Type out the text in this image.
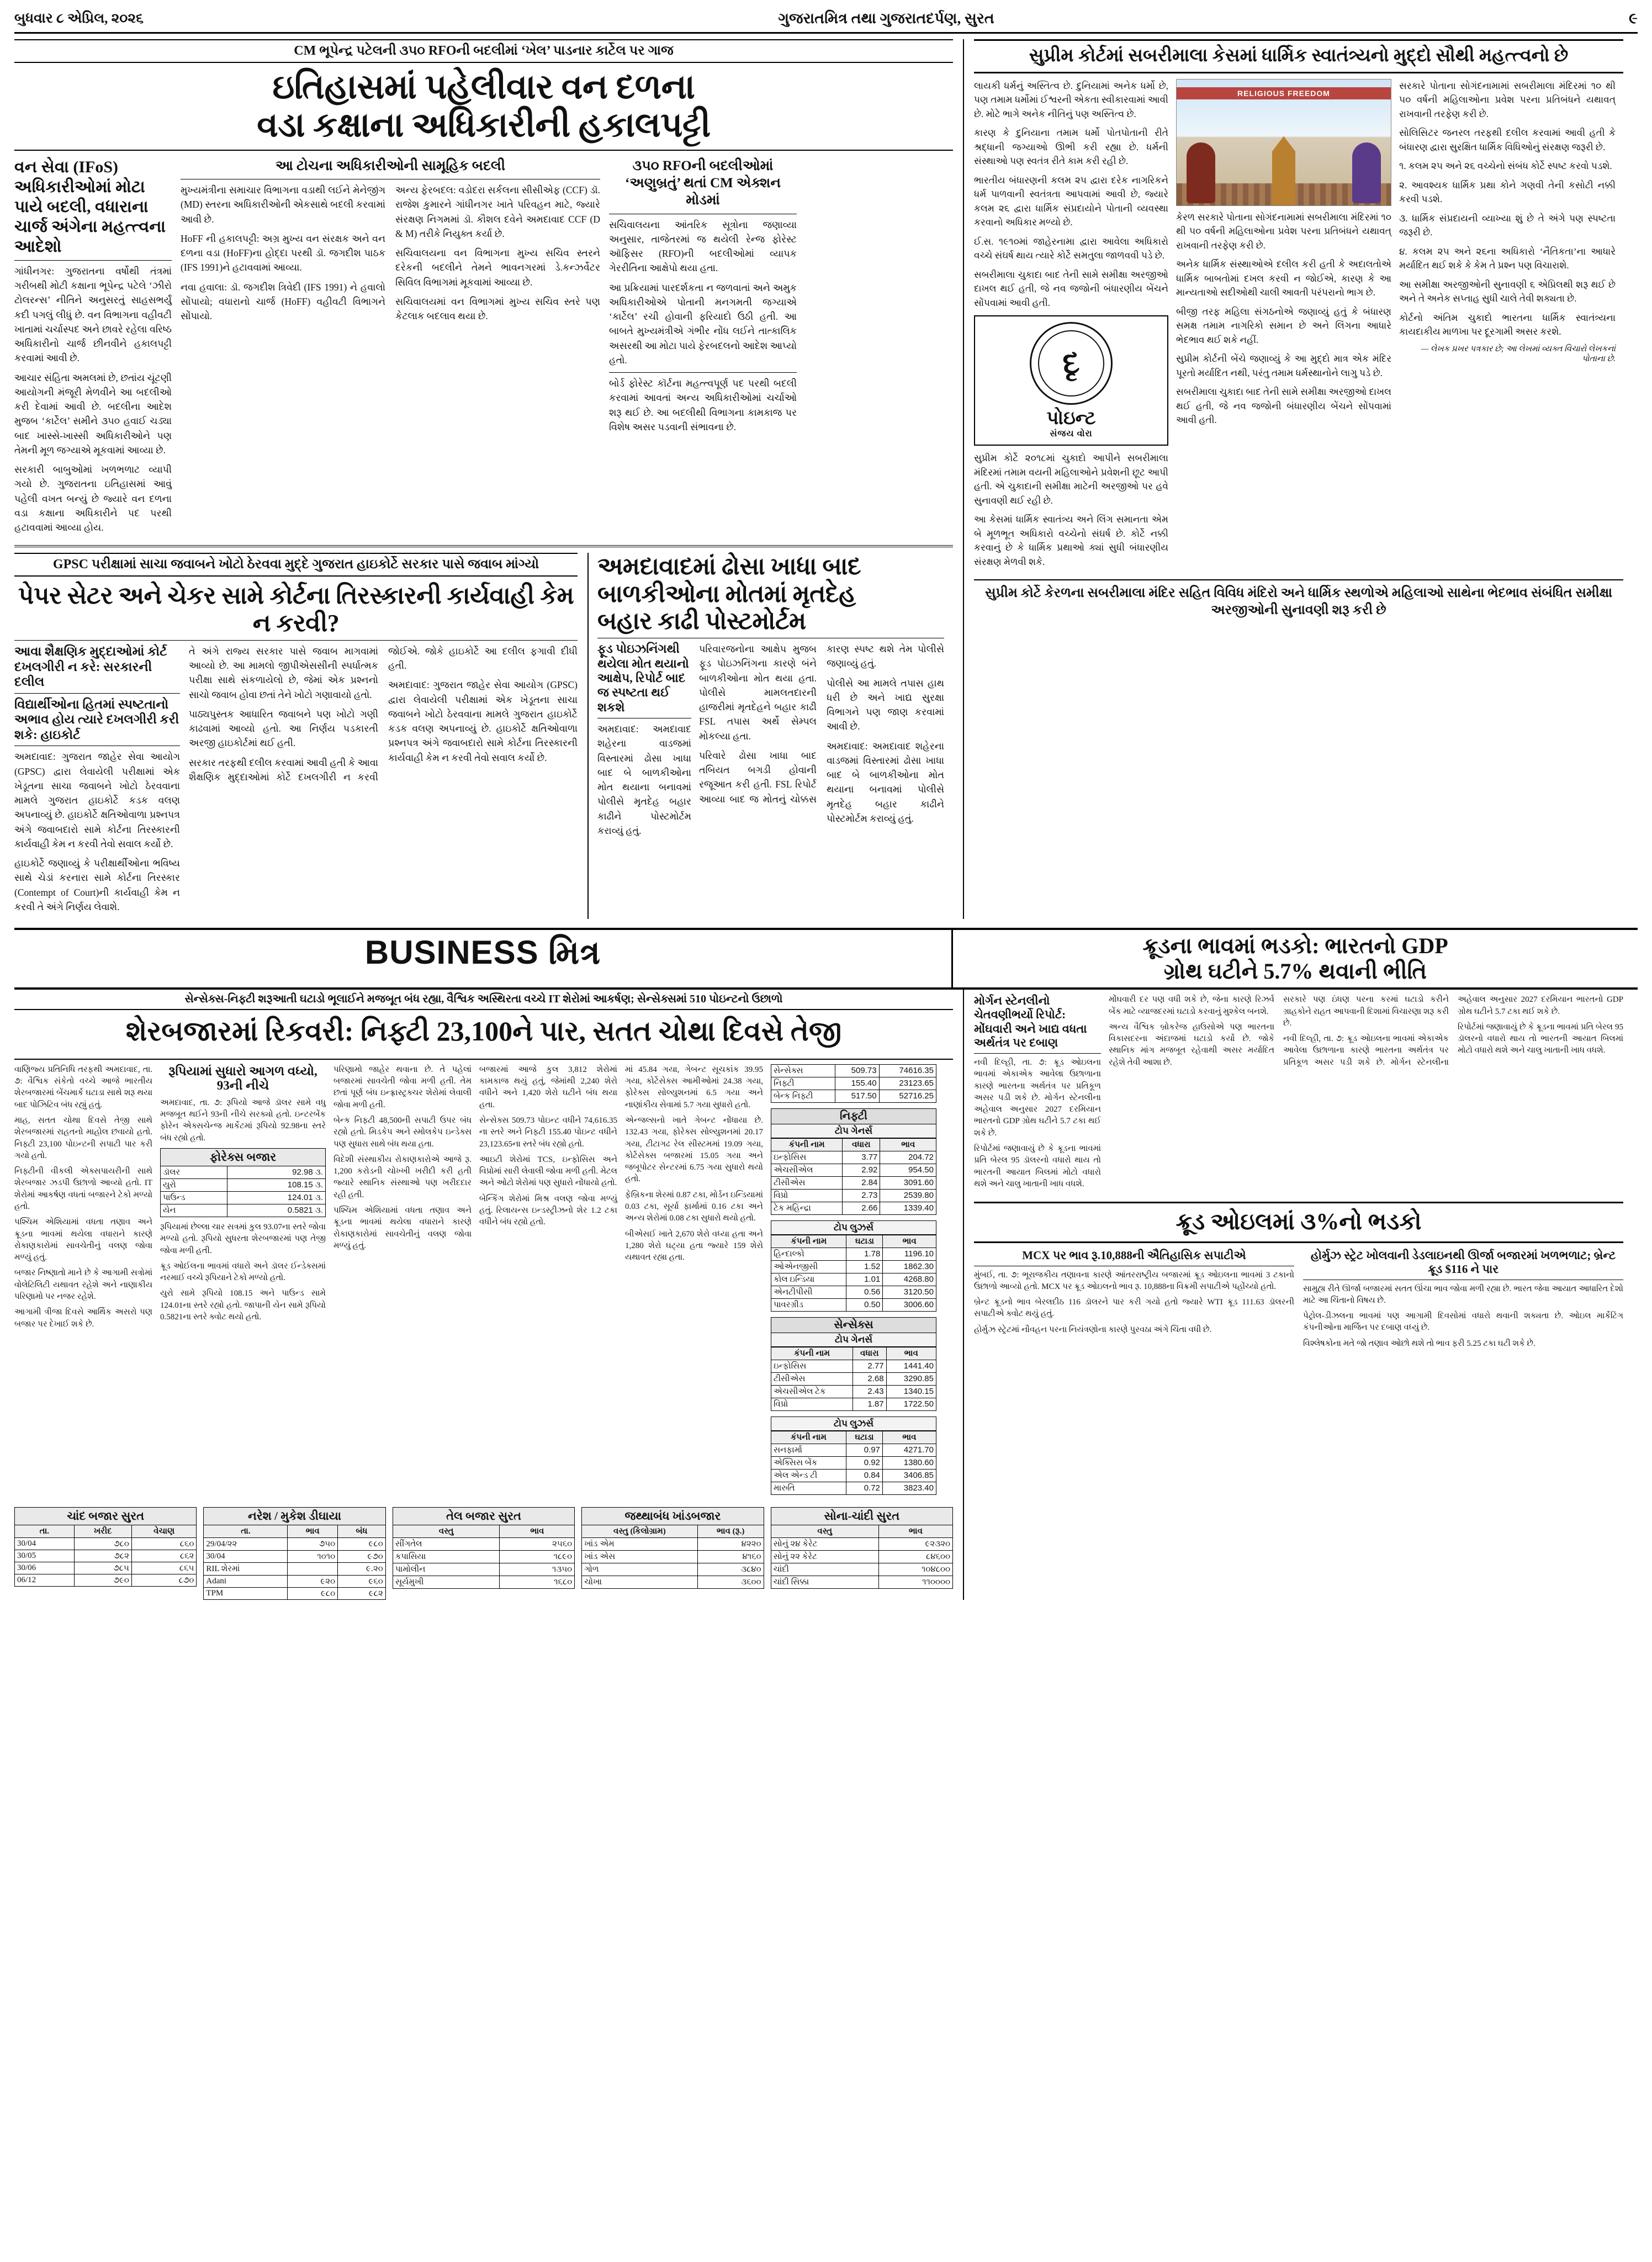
બુધવાર ૮ એપ્રિલ, ૨૦૨૬	ગુજરાતમિત્ર તથા ગુજરાતદર્પણ, સુરત	૯
CM ભૂપેન્દ્ર પટેલની ૩૫૦ RFOની બદલીમાં ‘ખેલ’ પાડનાર કાર્ટેલ પર ગાજ
ઇતિહાસમાં પહેલીવાર વન દળના
વડા કક્ષાના અધિકારીની હકાલપટ્ટી
વન સેવા (IFoS) અધિકારીઓમાં મોટા પાયે બદલી, વધારાના ચાર્જ અંગેના મહત્ત્વના આદેશો

ગાંધીનગર: ગુજરાતના વર્ષોથી તંત્રમાં ગરીબથી મોટી કક્ષાના ભૂપેન્દ્ર પટેલે ‘ઝીરો ટોલરન્સ’ નીતિને અનુસરતું સાહસભર્યું કદી પગલું લીધું છે. વન વિભાગના વહીવટી ખાતામાં ચર્ચાસ્પદ અને છાવરે રહેલા વરિષ્ઠ અધિકારીનો ચાર્જ છીનવીને હકાલપટ્ટી કરવામાં આવી છે.

આચાર સંહિતા અમલમાં છે, છતાંય ચૂંટણી આયોગની મંજૂરી મેળવીને આ બદલીઓ કરી દેવામાં આવી છે. બદલીના આદેશ મુજબ ‘કાર્ટેલ’ સમીને ૩૫૦ હવાઈ ચડ્યા બાદ ખાસ્સે-ખાસ્સી અધિકારીઓને પણ તેમની મૂળ જગ્યાએ મૂકવામાં આવ્યા છે.

સરકારી બાબુઓમાં ખળભળાટ વ્યાપી ગયો છે. ગુજરાતના ઇતિહાસમાં આવું પહેલી વખત બન્યું છે જ્યારે વન દળના વડા કક્ષાના અધિકારીને પદ પરથી હટાવવામાં આવ્યા હોય.

આ ટોચના અધિકારીઓની સામૂહિક બદલી

મુખ્યમંત્રીના સમાચાર વિભાગના વડાથી લઈને મેનેજીંગ (MD) સ્તરના અધિકારીઓની એકસાથે બદલી કરવામાં આવી છે.

HoFF ની હકાલપટ્ટી: અગ્ર મુખ્ય વન સંરક્ષક અને વન દળના વડા (HoFF)ના હોદ્દા પરથી ડૉ. જગદીશ પાઠક (IFS 1991)ને હટાવવામાં આવ્યા.

નવા હવાલા: ડૉ. જગદીશ ત્રિવેદી (IFS 1991) ને હવાલો સોંપાયો; વધારાનો ચાર્જ (HoFF) વહીવટી વિભાગને સોંપાયો.

અન્ય ફેરબદલ: વડોદરા સર્કલના સીસીએફ (CCF) ડૉ. રાજેશ કુમારને ગાંધીનગર ખાતે પરિવહન માટે, જ્યારે સંરક્ષણ નિગમમાં ડૉ. કૌશલ દવેને અમદાવાદ CCF (D & M) તરીકે નિયુક્ત કર્યા છે.

સચિવાલયના વન વિભાગના મુખ્ય સચિવ સ્તરને દરેકની બદલીને તેમને ભાવનગરમાં ડે.કન્ઝર્વેટર સિવિલ વિભાગમાં મૂકવામાં આવ્યા છે.

સચિવાલયમાં વન વિભાગમાં મુખ્ય સચિવ સ્તરે પણ કેટલાક બદલાવ થયા છે.

૩૫૦ RFOની બદલીઓમાં ‘અણુબ્રતું’ થતાં CM એક્શન મોડમાં

સચિવાલયના આંતરિક સૂત્રોના જણાવ્યા અનુસાર, તાજેતરમાં જ થયેલી રેન્જ ફોરેસ્ટ ઑફિસર (RFO)ની બદલીઓમાં વ્યાપક ગેરરીતિના આક્ષેપો થયા હતા.

આ પ્રક્રિયામાં પારદર્શકતા ન જળવાતાં અને અમુક અધિકારીઓએ પોતાની મનગમતી જગ્યાએ ‘કાર્ટેલ’ રચી હોવાની ફરિયાદો ઉઠી હતી. આ બાબતે મુખ્યમંત્રીએ ગંભીર નોંધ લઈને તાત્કાલિક અસરથી આ મોટા પાયે ફેરબદલનો આદેશ આપ્યો હતો.

બોર્ડ ફોરેસ્ટ કૉર્ટના મહત્ત્વપૂર્ણ પદ પરથી બદલી કરવામાં આવતાં અન્ય અધિકારીઓમાં ચર્ચાઓ શરૂ થઈ છે. આ બદલીથી વિભાગના કામકાજ પર વિશેષ અસર પડવાની સંભાવના છે.

GPSC પરીક્ષામાં સાચા જવાબને ખોટો ઠેરવવા મુદ્દે ગુજરાત હાઇકોર્ટે સરકાર પાસે જવાબ માંગ્યો
પેપર સેટર અને ચેકર સામે કોર્ટના તિરસ્કારની કાર્યવાહી કેમ ન કરવી?
આવા શૈક્ષણિક મુદ્દાઓમાં કોર્ટ દખલગીરી ન કરે: સરકારની દલીલ
વિદ્યાર્થીઓના હિતમાં સ્પષ્ટતાનો અભાવ હોય ત્યારે દખલગીરી કરી શકે: હાઇકોર્ટ

અમદાવાદ: ગુજરાત જાહેર સેવા આયોગ (GPSC) દ્વારા લેવાયેલી પરીક્ષામાં એક ખેડૂતના સાચા જવાબને ખોટો ઠેરવવાના મામલે ગુજરાત હાઇકોર્ટે કડક વલણ અપનાવ્યું છે. હાઇકોર્ટે ક્ષતિઓવાળા પ્રશ્નપત્ર અંગે જવાબદારો સામે કોર્ટના તિરસ્કારની કાર્યવાહી કેમ ન કરવી તેવો સવાલ કર્યો છે.

હાઇકોર્ટે જણાવ્યું કે પરીક્ષાર્થીઓના ભવિષ્ય સાથે ચેડાં કરનારા સામે કોર્ટના તિરસ્કાર (Contempt of Court)ની કાર્યવાહી કેમ ન કરવી તે અંગે નિર્ણય લેવાશે.

તે અંગે રાજ્ય સરકાર પાસે જવાબ માગવામાં આવ્યો છે. આ મામલો જીપીએસસીની સ્પર્ધાત્મક પરીક્ષા સાથે સંકળાયેલો છે, જેમાં એક પ્રશ્નનો સાચો જવાબ હોવા છતાં તેને ખોટો ગણાવાયો હતો.

પાઠ્યપુસ્તક આધારિત જવાબને પણ ખોટો ગણી કાઢવામાં આવ્યો હતો. આ નિર્ણય પડકારતી અરજી હાઇકોર્ટમાં થઈ હતી.

સરકાર તરફથી દલીલ કરવામાં આવી હતી કે આવા શૈક્ષણિક મુદ્દાઓમાં કોર્ટે દખલગીરી ન કરવી જોઈએ. જોકે હાઇકોર્ટે આ દલીલ ફગાવી દીધી હતી.

અમદાવાદ: ગુજરાત જાહેર સેવા આયોગ (GPSC) દ્વારા લેવાયેલી પરીક્ષામાં એક ખેડૂતના સાચા જવાબને ખોટો ઠેરવવાના મામલે ગુજરાત હાઇકોર્ટે કડક વલણ અપનાવ્યું છે. હાઇકોર્ટે ક્ષતિઓવાળા પ્રશ્નપત્ર અંગે જવાબદારો સામે કોર્ટના તિરસ્કારની કાર્યવાહી કેમ ન કરવી તેવો સવાલ કર્યો છે.

અમદાવાદમાં ઢોસા ખાધા બાદ
બાળકીઓના મોતમાં મૃતદેહ
બહાર કાઢી પોસ્ટમોર્ટમ
ફૂડ પોઇઝનિંગથી થયેલા મોત થયાનો આક્ષેપ, રિપોર્ટ બાદ જ સ્પષ્ટતા થઈ શકશે

અમદાવાદ: અમદાવાદ શહેરના વાડજમાં વિસ્તારમાં ઢોસા ખાધા બાદ બે બાળકીઓના મોત થયાના બનાવમાં પોલીસે મૃતદેહ બહાર કાઢીને પોસ્ટમોર્ટમ કરાવ્યું હતું.

પરિવારજનોના આક્ષેપ મુજબ ફૂડ પોઇઝનિંગના કારણે બંને બાળકીઓના મોત થયા હતા. પોલીસે મામલતદારની હાજરીમાં મૃતદેહને બહાર કાઢી FSL તપાસ અર્થે સેમ્પલ મોકલ્યા હતા.

પરિવારે ઢોસા ખાધા બાદ તબિયત બગડી હોવાની રજૂઆત કરી હતી. FSL રિપોર્ટ આવ્યા બાદ જ મોતનું ચોક્કસ કારણ સ્પષ્ટ થશે તેમ પોલીસે જણાવ્યું હતું.

પોલીસે આ મામલે તપાસ હાથ ધરી છે અને ખાદ્ય સુરક્ષા વિભાગને પણ જાણ કરવામાં આવી છે.

અમદાવાદ: અમદાવાદ શહેરના વાડજમાં વિસ્તારમાં ઢોસા ખાધા બાદ બે બાળકીઓના મોત થયાના બનાવમાં પોલીસે મૃતદેહ બહાર કાઢીને પોસ્ટમોર્ટમ કરાવ્યું હતું.

સુપ્રીમ કોર્ટમાં સબરીમાલા કેસમાં ધાર્મિક સ્વાતંત્ર્યનો મુદ્દો સૌથી મહત્ત્વનો છે

લાયકી ધર્મનું અસ્તિત્વ છે. દુનિયામાં અનેક ધર્મો છે, પણ તમામ ધર્મોમાં ઈશ્વરની એકતા સ્વીકારવામાં આવી છે. મોટે ભાગે અનેક નીતિનું પણ અસ્તિત્વ છે.

કારણ કે દુનિયાના તમામ ધર્મો પોતપોતાની રીતે શ્રદ્ધાની જગ્યાઓ ઊભી કરી રહ્યા છે. ધર્મની સંસ્થાઓ પણ સ્વતંત્ર રીતે કામ કરી રહી છે.

ભારતીય બંધારણની કલમ ૨૫ દ્વારા દરેક નાગરિકને ધર્મ પાળવાની સ્વતંત્રતા આપવામાં આવી છે, જ્યારે કલમ ૨૬ દ્વારા ધાર્મિક સંપ્રદાયોને પોતાની વ્યવસ્થા કરવાનો અધિકાર મળ્યો છે.

ઈ.સ. ૧૯૧૦માં જાહેરનામા દ્વારા આવેલા અધિકારો વચ્ચે સંઘર્ષ થાય ત્યારે કોર્ટે સમતુલા જાળવવી પડે છે.

સબરીમાલા ચુકાદા બાદ તેની સામે સમીક્ષા અરજીઓ દાખલ થઈ હતી, જે નવ જજોની બંધારણીય બેંચને સોંપવામાં આવી હતી.

દૃ
પોઇન્ટ
સંજય વોરા

સુપ્રીમ કોર્ટે ૨૦૧૮માં ચુકાદો આપીને સબરીમાલા મંદિરમાં તમામ વયની મહિલાઓને પ્રવેશની છૂટ આપી હતી. એ ચુકાદાની સમીક્ષા માટેની અરજીઓ પર હવે સુનાવણી થઈ રહી છે.

આ કેસમાં ધાર્મિક સ્વાતંત્ર્ય અને લિંગ સમાનતા એમ બે મૂળભૂત અધિકારો વચ્ચેનો સંઘર્ષ છે. કોર્ટે નક્કી કરવાનું છે કે ધાર્મિક પ્રથાઓ ક્યાં સુધી બંધારણીય સંરક્ષણ મેળવી શકે.

RELIGIOUS FREEDOM

કેરળ સરકારે પોતાના સોગંદનામામાં સબરીમાલા મંદિરમાં ૧૦ થી ૫૦ વર્ષની મહિલાઓના પ્રવેશ પરના પ્રતિબંધને યથાવત્ રાખવાની તરફેણ કરી છે.

અનેક ધાર્મિક સંસ્થાઓએ દલીલ કરી હતી કે અદાલતોએ ધાર્મિક બાબતોમાં દખલ કરવી ન જોઈએ, કારણ કે આ માન્યતાઓ સદીઓથી ચાલી આવતી પરંપરાનો ભાગ છે.

બીજી તરફ મહિલા સંગઠનોએ જણાવ્યું હતું કે બંધારણ સમક્ષ તમામ નાગરિકો સમાન છે અને લિંગના આધારે ભેદભાવ થઈ શકે નહીં.

સુપ્રીમ કોર્ટની બેંચે જણાવ્યું કે આ મુદ્દો માત્ર એક મંદિર પૂરતો મર્યાદિત નથી, પરંતુ તમામ ધર્મસ્થાનોને લાગુ પડે છે.

સબરીમાલા ચુકાદા બાદ તેની સામે સમીક્ષા અરજીઓ દાખલ થઈ હતી, જે નવ જજોની બંધારણીય બેંચને સોંપવામાં આવી હતી.

સરકારે પોતાના સોગંદનામામાં સબરીમાલા મંદિરમાં ૧૦ થી ૫૦ વર્ષની મહિલાઓના પ્રવેશ પરના પ્રતિબંધને યથાવત્ રાખવાની તરફેણ કરી છે.

સોલિસિટર જનરલ તરફથી દલીલ કરવામાં આવી હતી કે બંધારણ દ્વારા સુરક્ષિત ધાર્મિક વિધિઓનું સંરક્ષણ જરૂરી છે.

૧. કલમ ૨૫ અને ૨૬ વચ્ચેનો સંબંધ કોર્ટે સ્પષ્ટ કરવો પડશે.

૨. આવશ્યક ધાર્મિક પ્રથા કોને ગણવી તેની કસોટી નક્કી કરવી પડશે.

૩. ધાર્મિક સંપ્રદાયની વ્યાખ્યા શું છે તે અંગે પણ સ્પષ્ટતા જરૂરી છે.

૪. કલમ ૨૫ અને ૨૬ના અધિકારો ‘નૈતિકતા’ના આધારે મર્યાદિત થઈ શકે કે કેમ તે પ્રશ્ન પણ વિચારાશે.

આ સમીક્ષા અરજીઓની સુનાવણી ૬ એપ્રિલથી શરૂ થઈ છે અને તે અનેક સપ્તાહ સુધી ચાલે તેવી શક્યતા છે.

કોર્ટનો અંતિમ ચુકાદો ભારતના ધાર્મિક સ્વાતંત્ર્યના કાયદાકીય માળખા પર દૂરગામી અસર કરશે.

— લેખક પ્રખર પત્રકાર છે; આ લેખમાં વ્યક્ત વિચારો લેખકનાં પોતાના છે.
સુપ્રીમ કોર્ટે કેરળના સબરીમાલા મંદિર સહિત વિવિધ મંદિરો અને ધાર્મિક સ્થળોએ મહિલાઓ સાથેના ભેદભાવ સંબંધિત સમીક્ષા અરજીઓની સુનાવણી શરૂ કરી છે
BUSINESS મિત્ર	ક્રૂડના ભાવમાં ભડકો: ભારતનો GDP
ગ્રોથ ઘટીને 5.7% થવાની ભીતિ
સેન્સેક્સ-નિફ્ટી શરૂઆતી ઘટાડો ભૂલાઈને મજબૂત બંધ રહ્યા, વૈશ્વિક અસ્થિરતા વચ્ચે IT શેરોમાં આકર્ષણ; સેન્સેક્સમાં 510 પોઇન્ટનો ઉછાળો
શેરબજારમાં રિકવરી: નિફ્ટી 23,100ને પાર, સતત ચોથા દિવસે તેજી

વાણિજ્ય પ્રતિનિધિ તરફથી અમદાવાદ, તા. ૭: વૈશ્વિક સંકેતો વચ્ચે આજે ભારતીય શેરબજારમાં બેંચમાર્ક ઘટાડા સાથે શરૂ થયા બાદ પોઝિટિવ બંધ રહ્યું હતું.

માહ, સતત ચોથા દિવસે તેજી સાથે શેરબજારમાં રાહતનો માહોલ છવાયો હતો. નિફ્ટી 23,100 પોઇન્ટની સપાટી પાર કરી ગયો હતો.

નિફ્ટીની વીકલી એક્સપાયરીની સાથે શેરબજાર ઝડપી ઉછાળો આવ્યો હતો. IT શેરોમાં આકર્ષણ વધતાં બજારને ટેકો મળ્યો હતો.

પશ્ચિમ એશિયામાં વધતા તણાવ અને ક્રૂડના ભાવમાં થયેલા વધારાને કારણે રોકાણકારોમાં સાવચેતીનું વલણ જોવા મળ્યું હતું.

બજાર નિષ્ણાતો માને છે કે આગામી સત્રોમાં વોલેટિલિટી યથાવત રહેશે અને નાણાકીય પરિણામો પર નજર રહેશે.

આગામી ત્રીજા દિવસે આર્થિક અસરો પણ બજાર પર દેખાઈ શકે છે.

રૂપિયામાં સુધારો આગળ વધ્યો, 93ની નીચે

અમદાવાદ, તા. ૭: રૂપિયો આજે ડૉલર સામે વધુ મજબૂત થઈને 93ની નીચે સરક્યો હતો. ઇન્ટરબેંક ફોરેન એક્સચેન્જ માર્કેટમાં રૂપિયો 92.98ના સ્તરે બંધ રહ્યો હતો.

ફોરેક્સ બજાર
ડૉલર	92.98 ૩.
યુરો	108.15 ૩.
પાઉન્ડ	124.01 ૩.
યેન	0.5821 ૩.

રૂપિયામાં છેલ્લા ચાર સત્રમાં કુલ 93.07ના સ્તરે જોવા મળ્યો હતો. રૂપિયો સુધરતા શેરબજારમાં પણ તેજી જોવા મળી હતી.

ક્રૂડ ઓઈલના ભાવમાં વધારો અને ડૉલર ઈન્ડેક્સમાં નરમાઈ વચ્ચે રૂપિયાને ટેકો મળ્યો હતો.

યુરો સામે રૂપિયો 108.15 અને પાઉન્ડ સામે 124.01ના સ્તરે રહ્યો હતો. જાપાની યેન સામે રૂપિયો 0.5821ના સ્તરે ક્વોટ થયો હતો.

પરિણામો જાહેર થવાના છે. તે પહેલાં બજારમાં સાવચેતી જોવા મળી હતી. તેમ છતાં પૂર્ણ બંધ ઇન્ફ્રાસ્ટ્રક્ચર શેરોમાં લેવાલી જોવા મળી હતી.

બેન્ક નિફ્ટી 48,500ની સપાટી ઉપર બંધ રહ્યો હતો. મિડકેપ અને સ્મોલકેપ ઇન્ડેક્સ પણ સુધારા સાથે બંધ થયા હતા.

વિદેશી સંસ્થાકીય રોકાણકારોએ આજે રૂ. 1,200 કરોડની ચોખ્ખી ખરીદી કરી હતી જ્યારે સ્થાનિક સંસ્થાઓ પણ ખરીદદાર રહી હતી.

પશ્ચિમ એશિયામાં વધતા તણાવ અને ક્રૂડના ભાવમાં થયેલા વધારાને કારણે રોકાણકારોમાં સાવચેતીનું વલણ જોવા મળ્યું હતું.

બજારમાં આજે કુલ 3,812 શેરોમાં કામકાજ થયું હતું, જેમાંથી 2,240 શેરો વધીને અને 1,420 શેરો ઘટીને બંધ થયા હતા.

સેન્સેક્સ 509.73 પોઇન્ટ વધીને 74,616.35 ના સ્તરે અને નિફ્ટી 155.40 પોઇન્ટ વધીને 23,123.65ના સ્તરે બંધ રહ્યો હતો.

આઇટી શેરોમાં TCS, ઇન્ફોસિસ અને વિપ્રોમાં સારી લેવાલી જોવા મળી હતી. મેટલ અને ઓટો શેરોમાં પણ સુધારો નોંધાયો હતો.

બેન્કિંગ શેરોમાં મિશ્ર વલણ જોવા મળ્યું હતું. રિલાયન્સ ઇન્ડસ્ટ્રીઝનો શેર 1.2 ટકા વધીને બંધ રહ્યો હતો.

માં 45.84 ગયા, ગેબન્ટ સૂચકાંક 39.95 ગયા, કોર્ટેસેક્સ આમીઓમાં 24.38 ગયા, ફોરેક્સ સોલ્યુશનમાં 6.5 ગયા અને નાણાંકીય સેવામાં 5.7 ગયા સુધારો હતો.

એન્જલ્સનો ખાતે ગેબન્ટ નોંધાયા છે. 132.43 ગયા, ફોરેક્સ સોલ્યુશનમાં 20.17 ગયા, ટીટાગઢ રેલ સીસ્ટમમાં 19.09 ગયા, કોર્ટેસેક્સ બજારમાં 15.05 ગયા અને જબૂપોટર સેન્ટરમાં 6.75 ગયા સુધારો થયો હતો.

ફેબ્રિકના શેરમાં 0.87 ટકા, મોર્ડન ઇન્ડિયામાં 0.03 ટકા, સૂર્યા ફાર્મામાં 0.16 ટકા અને અન્ય શેરોમાં 0.08 ટકા સુધારો થયો હતો.

બીએસઈ ખાતે 2,670 શેરો વધ્યા હતા અને 1,280 શેરો ઘટ્યા હતા જ્યારે 159 શેરો યથાવત રહ્યા હતા.

સેન્સેક્સ	509.73	74616.35
નિફ્ટી	155.40	23123.65
બેન્ક નિફ્ટી	517.50	52716.25
નિફ્ટી
ટોપ ગેનર્સ
કંપની નામ	વધારા	ભાવ
ઇન્ફોસિસ	3.77	204.72
એચસીએલ	2.92	954.50
ટીસીએસ	2.84	3091.60
વિપ્રો	2.73	2539.80
ટેક મહિન્દ્રા	2.66	1339.40
ટોપ લુઝર્સ
કંપની નામ	ઘટાડા	ભાવ
હિન્દાલ્કો	1.78	1196.10
ઓએનજીસી	1.52	1862.30
કોલ ઇન્ડિયા	1.01	4268.80
એનટીપીસી	0.56	3120.50
પાવરગ્રીડ	0.50	3006.60
સેન્સેક્સ
ટોપ ગેનર્સ
કંપની નામ	વધારા	ભાવ
ઇન્ફોસિસ	2.77	1441.40
ટીસીએસ	2.68	3290.85
એચસીએલ ટેક	2.43	1340.15
વિપ્રો	1.87	1722.50
ટોપ લુઝર્સ
કંપની નામ	ઘટાડા	ભાવ
સનફાર્મા	0.97	4271.70
એક્સિસ બેંક	0.92	1380.60
એલ એન્ડ ટી	0.84	3406.85
મારુતિ	0.72	3823.40
ચાંદ બજાર સુરત
તા.	ખરીદ	વેચાણ
30/04	૭૮૦	૮૬૦
30/05	૭૮૨	૮૬૨
30/06	૭૮૫	૮૬૫
06/12	૭૯૦	૮૭૦
નરેશ / મુકેશ ડીઘાયા
તા.	ભાવ	બંધ
29/04/૨૨	૭૫૦	૯૮૦
30/04	૧૦૧૦	૯૭૦
RIL શેરમાં		૯.૨૦
Adani	૯૨૦	૯૬૦
TPM	૯૮૦	૯૮૨
તેલ બજાર સુરત
વસ્તુ	ભાવ
સીંગતેલ	૨૫૬૦
કપાસિયા	૧૮૯૦
પામોલીન	૧૩૫૦
સૂર્યમુખી	૧૬૮૦
જથ્થાબંધ ખાંડબજાર
વસ્તુ (કિલોગ્રામ)	ભાવ (રૂ.)
ખાંડ એમ	૪૨૨૦
ખાંડ એસ	૪૧૬૦
ગોળ	૩૮૪૦
ચોખા	૩૬૦૦
સોના-ચાંદી સુરત
વસ્તુ	ભાવ
સોનું ૨૪ કેરેટ	૯૨૩૨૦
સોનું ૨૨ કેરેટ	૮૪૬૦૦
ચાંદી	૧૦૪૮૦૦
ચાંદી સિક્કા	૧૧૦૦૦૦
મોર્ગન સ્ટેનલીનો ચેતવણીભર્યો રિપોર્ટ: મોંઘવારી અને ખાદ્ય વધતા અર્થતંત્ર પર દબાણ

નવી દિલ્હી, તા. ૭: ક્રૂડ ઓઇલના ભાવમાં એકાએક આવેલા ઉછાળાના કારણે ભારતના અર્થતંત્ર પર પ્રતિકૂળ અસર પડી શકે છે. મોર્ગન સ્ટેનલીના અહેવાલ અનુસાર 2027 દરમિયાન ભારતનો GDP ગ્રોથ ઘટીને 5.7 ટકા થઈ શકે છે.

રિપોર્ટમાં જણાવાયું છે કે ક્રૂડના ભાવમાં પ્રતિ બેરલ 95 ડૉલરનો વધારો થાય તો ભારતની આયાત બિલમાં મોટો વધારો થશે અને ચાલુ ખાતાની ખાધ વધશે.

મોંઘવારી દર પણ વધી શકે છે, જેના કારણે રિઝર્વ બેંક માટે વ્યાજદરમાં ઘટાડો કરવાનું મુશ્કેલ બનશે.

અન્ય વૈશ્વિક બ્રોકરેજ હાઉસોએ પણ ભારતના વિકાસદરના અંદાજમાં ઘટાડો કર્યો છે. જોકે સ્થાનિક માંગ મજબૂત રહેવાથી અસર મર્યાદિત રહેશે તેવી આશા છે.

સરકારે પણ ઇંધણ પરના કરમાં ઘટાડો કરીને ગ્રાહકોને રાહત આપવાની દિશામાં વિચારણા શરૂ કરી છે.

નવી દિલ્હી, તા. ૭: ક્રૂડ ઓઇલના ભાવમાં એકાએક આવેલા ઉછાળાના કારણે ભારતના અર્થતંત્ર પર પ્રતિકૂળ અસર પડી શકે છે. મોર્ગન સ્ટેનલીના અહેવાલ અનુસાર 2027 દરમિયાન ભારતનો GDP ગ્રોથ ઘટીને 5.7 ટકા થઈ શકે છે.

રિપોર્ટમાં જણાવાયું છે કે ક્રૂડના ભાવમાં પ્રતિ બેરલ 95 ડૉલરનો વધારો થાય તો ભારતની આયાત બિલમાં મોટો વધારો થશે અને ચાલુ ખાતાની ખાધ વધશે.

ક્રૂડ ઓઇલમાં ૩%નો ભડકો
MCX પર ભાવ રૂ.10,888ની ઐતિહાસિક સપાટીએ

મુંબઈ, તા. ૭: ભૂરાજકીય તણાવના કારણે આંતરરાષ્ટ્રીય બજારમાં ક્રૂડ ઓઇલના ભાવમાં 3 ટકાનો ઉછાળો આવ્યો હતો. MCX પર ક્રૂડ ઓઇલનો ભાવ રૂ. 10,888ના વિક્રમી સપાટીએ પહોંચ્યો હતો.

બ્રેન્ટ ક્રૂડનો ભાવ બેરલદીઠ 116 ડૉલરને પાર કરી ગયો હતો જ્યારે WTI ક્રૂડ 111.63 ડૉલરની સપાટીએ ક્વોટ થયું હતું.

હોર્મુઝ સ્ટ્રેટમાં નૌવહન પરના નિયંત્રણોના કારણે પુરવઠા અંગે ચિંતા વધી છે.

હોર્મુઝ સ્ટ્રેટ ખોલવાની ડેડલાઇનથી ઊર્જા બજારમાં ખળભળાટ; બ્રેન્ટ ક્રૂડ $116 ને પાર

સામુહ્ય રીતે ઊર્જા બજારમાં સતત ઊંચા ભાવ જોવા મળી રહ્યા છે. ભારત જેવા આયાત આધારિત દેશો માટે આ ચિંતાનો વિષય છે.

પેટ્રોલ-ડીઝલના ભાવમાં પણ આગામી દિવસોમાં વધારો થવાની શક્યતા છે. ઓઇલ માર્કેટિંગ કંપનીઓના માર્જિન પર દબાણ વધ્યું છે.

વિશ્લેષકોના મતે જો તણાવ ઓછો થશે તો ભાવ ફરી 5.25 ટકા ઘટી શકે છે.
